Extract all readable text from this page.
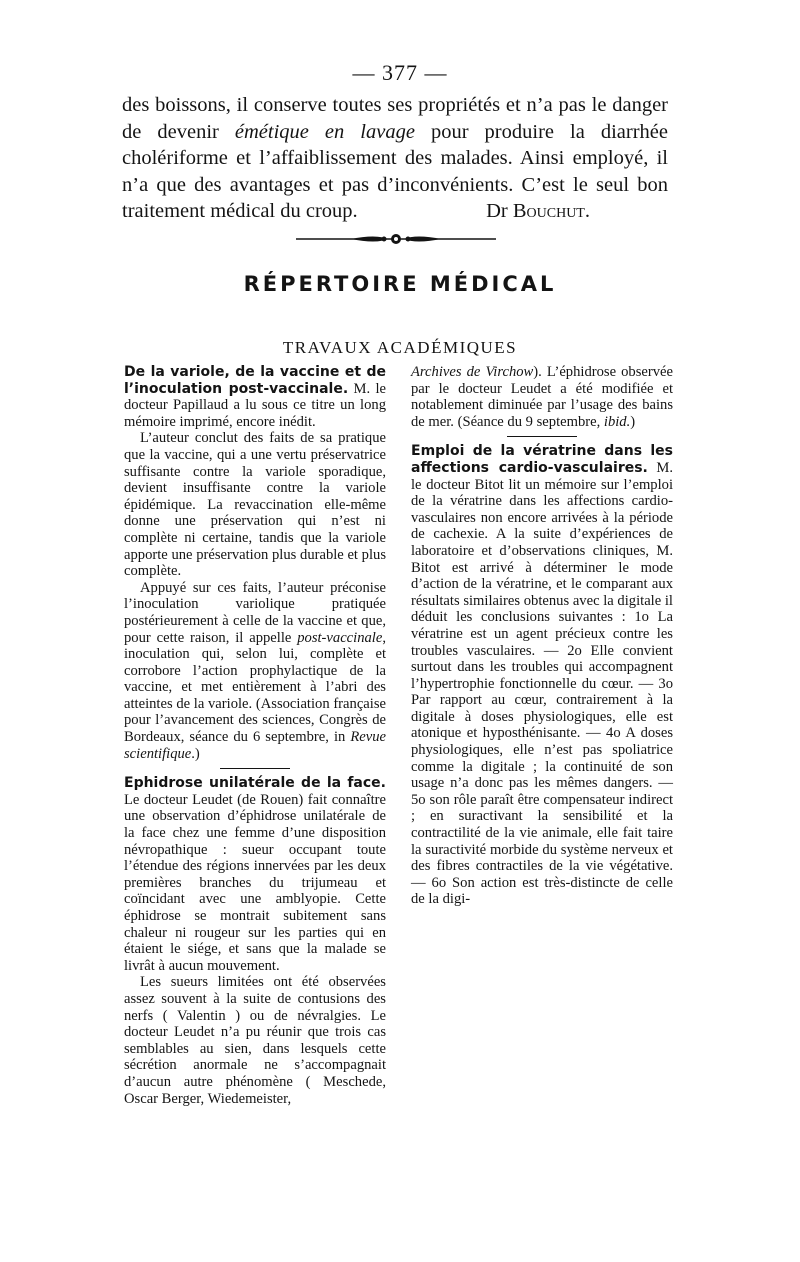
— 377 —

des boissons, il conserve toutes ses propriétés et n’a pas le danger de devenir émétique en lavage pour produire la diarrhée cholériforme et l’affaiblissement des malades. Ainsi employé, il n’a que des avantages et pas d’inconvénients. C’est le seul bon traitement médical du croup.	Dr Bouchut.
RÉPERTOIRE MÉDICAL
TRAVAUX ACADÉMIQUES

De la variole, de la vaccine et de l’inoculation post-vaccinale. M. le docteur Papillaud a lu sous ce titre un long mémoire imprimé, encore inédit.

L’auteur conclut des faits de sa pratique que la vaccine, qui a une vertu préservatrice suffisante contre la variole sporadique, devient insuffisante contre la variole épidémique. La revaccination elle-même donne une préservation qui n’est ni complète ni certaine, tandis que la variole apporte une préservation plus durable et plus complète.

Appuyé sur ces faits, l’auteur préconise l’inoculation variolique pratiquée postérieurement à celle de la vaccine et que, pour cette raison, il appelle post-vaccinale, inoculation qui, selon lui, complète et corrobore l’action prophylactique de la vaccine, et met entièrement à l’abri des atteintes de la variole. (Association française pour l’avancement des sciences, Congrès de Bordeaux, séance du 6 septembre, in Revue scientifique.)

Ephidrose unilatérale de la face. Le docteur Leudet (de Rouen) fait connaître une observation d’éphidrose unilatérale de la face chez une femme d’une disposition névropathique : sueur occupant toute l’étendue des régions innervées par les deux premières branches du trijumeau et coïncidant avec une amblyopie. Cette éphidrose se montrait subitement sans chaleur ni rougeur sur les parties qui en étaient le siége, et sans que la malade se livrât à aucun mouvement.

Les sueurs limitées ont été observées assez souvent à la suite de contusions des nerfs ( Valentin ) ou de névralgies. Le docteur Leudet n’a pu réunir que trois cas semblables au sien, dans lesquels cette sécrétion anormale ne s’accompagnait d’aucun autre phénomène ( Meschede, Oscar Berger, Wiedemeister,

Archives de Virchow). L’éphidrose observée par le docteur Leudet a été modifiée et notablement diminuée par l’usage des bains de mer. (Séance du 9 septembre, ibid.)

Emploi de la vératrine dans les affections cardio-vasculaires. M. le docteur Bitot lit un mémoire sur l’emploi de la vératrine dans les affections cardio-vasculaires non encore arrivées à la période de cachexie. A la suite d’expériences de laboratoire et d’observations cliniques, M. Bitot est arrivé à déterminer le mode d’action de la vératrine, et le comparant aux résultats similaires obtenus avec la digitale il déduit les conclusions suivantes : 1o La vératrine est un agent précieux contre les troubles vasculaires. — 2o Elle convient surtout dans les troubles qui accompagnent l’hypertrophie fonctionnelle du cœur. — 3o Par rapport au cœur, contrairement à la digitale à doses physiologiques, elle est atonique et hyposthénisante. — 4o A doses physiologiques, elle n’est pas spoliatrice comme la digitale ; la continuité de son usage n’a donc pas les mêmes dangers. — 5o son rôle paraît être compensateur indirect ; en suractivant la sensibilité et la contractilité de la vie animale, elle fait taire la suractivité morbide du système nerveux et des fibres contractiles de la vie végétative. — 6o Son action est très-distincte de celle de la digi-
